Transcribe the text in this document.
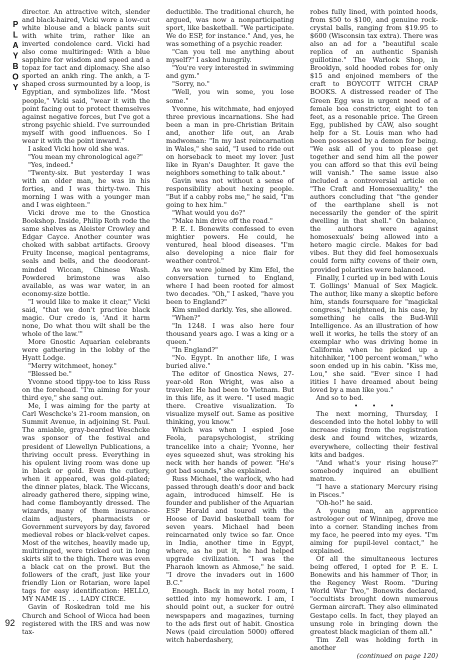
PLAYBOY

director. An attractive witch, slender and black-haired, Vicki wore a low-cut white blouse and a black pants suit with white trim, rather like an inverted condolence card. Vicki had also come multiringed: With a blue sapphire for wisdom and speed and a topaz for tact and diplomacy. She also sported an ankh ring. The ankh, a T-shaped cross surmounted by a loop, is Egyptian, and symbolizes life. "Most people," Vicki said, "wear it with the point facing out to protect themselves against negative forces, but I've got a strong psychic shield. I've surrounded myself with good influences. So I wear it with the point inward."

I asked Vicki how old she was.

"You mean my chronological age?"

"Yes, indeed."

"Twenty-six. But yesterday I was with an older man, he was in his forties, and I was thirty-two. This morning I was with a younger man and I was eighteen."

Vicki drove me to the Gnostica Bookshop. Inside, Philip Roth rode the same shelves as Aleister Crowley and Edgar Cayce. Another counter was choked with sabbat artifacts. Groovy Fruity Incense, magical pentagrams, seals and bells, and the deodorant-minded Wiccan, Chinese Wash. Powdered brimstone was also available, as was war water, in an economy-size bottle.

"I would like to make it clear," Vicki said, "that we don't practice black magic. Our credo is, 'And it harm none, Do what thou wilt shall be the whole of the law.'"

More Gnostic Aquarian celebrants were gathering in the lobby of the Hyatt Lodge.

"Merry witchmeet, honey."

"Blessed be."

Yvonne stood tippy-toe to kiss Russ on the forehead. "I'm aiming for your third eye," she sang out.

Me, I was aiming for the party at Carl Weschcke's 21-room mansion, on Summit Avenue, in adjoining St. Paul. The amiable, gray-bearded Weschcke was sponsor of the festival and president of Llewellyn Publications, a thriving occult press. Everything in his opulent living room was done up in black or gold. Even the cutlery, when it appeared, was gold-plated; the dinner plates, black. The Wiccans, already gathered there, sipping wine, had come flamboyantly dressed. The wizards, many of them insurance-claim adjusters, pharmacists or Government surveyors by day, favored medieval robes or black-velvet capes. Most of the witches, heavily made up, multiringed, were tricked out in long skirts slit to the thigh. There was even a black cat on the prowl. But the followers of the craft, just like your friendly Lion or Rotarian, wore lapel tags for easy identification: HELLO, MY NAME IS . . . LADY CIRCE.

Gavin of Roskedran told me his Church and School of Wicca had been registered with the IRS and was now tax-

deductible. The traditional church, he argued, was now a nonparticipating sport, like basketball. "We participate. We do ESP, for instance." And, yes, he was something of a psychic reader.

"Can you tell me anything about myself?" I asked hungrily.

"You're very interested in swimming and gym."

"Sorry, no."

"Well, you win some, you lose some."

Yvonne, his witchmate, had enjoyed three previous incarnations. She had been a man in pre-Christian Britain and, another life out, an Arab madwoman: "In my last reincarnation in Wales," she said, "I used to ride out on horseback to meet my lover. Just like in Ryan's Daughter. It gave the neighbors something to talk about."

Gavin was not without a sense of responsibility about hexing people. "But if a cabby robs me," he said, "I'm going to hex him."

"What would you do?"

"Make him drive off the road."

P. E. I. Bonewits confessed to even mightier powers. He could, he ventured, heal blood diseases. "I'm also developing a nice flair for weather control."

As we were joined by Kim Efel, the conversation turned to England, where I had been rooted for almost two decades. "Oh," I asked, "have you been to England?"

Kim smiled darkly. Yes, she allowed.

"When?"

"In 1248. I was also here four thousand years ago. I was a king or a queen."

"In England?"

"No. Egypt. In another life, I was buried alive."

The editor of Gnostica News, 27-year-old Ron Wright, was also a traveler. He had been to Vietnam. But in this life, as it were. "I used magic there. Creative visualization. To visualize myself out. Same as positive thinking, you know."

Which was when I espied Jose Feola, parapsychologist, striking trancelike into a chair; Yvonne, her eyes squeezed shut, was stroking his neck with her hands of power. "He's got bad sounds," she explained.

Russ Michael, the warlock, who had passed through death's door and back again, introduced himself. He is founder and publisher of the Aquarian ESP Herald and toured with the Hoose of David basketball team for seven years. Michael had been reincarnated only twice so far. Once in India, another time in Egypt, where, as he put it, he had helped upgrade civilization. "I was the Pharaoh known as Ahmose," he said. "I drove the invaders out in 1600 B.C."

Enough. Back in my hotel room, I settled into my homework. I am, I should point out, a sucker for outré newspapers and magazines, turning to the ads first out of habit. Gnostica News (paid circulation 5000) offered witch haberdashery,

robes fully lined, with pointed hoods, from $50 to $100, and genuine rock-crystal balls, ranging from $19.95 to $600 (Wisconsin tax extra). There was also an ad for a "beautiful scale replica of an authentic Spanish guillotine." The Warlock Shop, in Brooklyn, sold hooded robes for only $15 and enjoined members of the craft to BOYCOTT WITCH CRAP BOOKS. A distressed reader of The Green Egg was in urgent need of a female boa constrictor, eight to ten feet, as a resonable price. The Green Egg, published by CAW, also sought help for a St. Louis man who had been possessed by a demon for being. "We ask all of you to please get together and send him all the power you can afford so that this evil being will vanish." The same issue also included a controversial article on "The Craft and Homosexuality," the authors concluding that "the gender of the earthplane shell is not necessarily the gender of the spirit dwelling in that shell." On balance, the authors were against homosexuals' being allowed into a hetero magic circle. Makes for bad vibes. But they did feel homosexuals could form nifty covens of their own, provided polarities were balanced.

Finally, I curled up in bed with Louis T. Gollings' Manual of Sex Magick. The author, like many a skeptic before him, stands foursquare for "magickal congress," heightened, in his case, by something he calls the Bud-Will Intelligence. As an illustration of how well it works, he tells the story of an exemplar who was driving home in California when he picked up a hitchhiker, "100 percent woman," who soon ended up in his cabin. "Kiss me, Lou," she said. "Ever since I had itities I have dreamed about being loved by a man like you."

And so to bed.

• • •

The next morning, Thursday, I descended into the hotel lobby to will increase rising from the registration desk and found witches, wizards, everywhere, collecting their festival kits and badges.

"And what's your rising house?" somebody inquired an ebullient matron.

"I have a stationary Mercury rising in Pisces."

"Oh-ho!" he said.

A young man, an apprentice astrologer out of Winnipeg, drove me into a corner. Standing inches from my face, he peered into my eyes. "I'm aiming for pupil-level contact," he explained.

Of all the simultaneous lectures being offered, I opted for P. E. I. Bonewits and his hammer of Thor, in the Regency West Room. "During World War Two," Bonewits declared, "occultists brought down numerous German aircraft. They also eliminated Gestapo cells. In fact, they played an unsung role in bringing down the greatest black magician of them all."

Tim Zell was holding forth in another

(continued on page 120)

92
